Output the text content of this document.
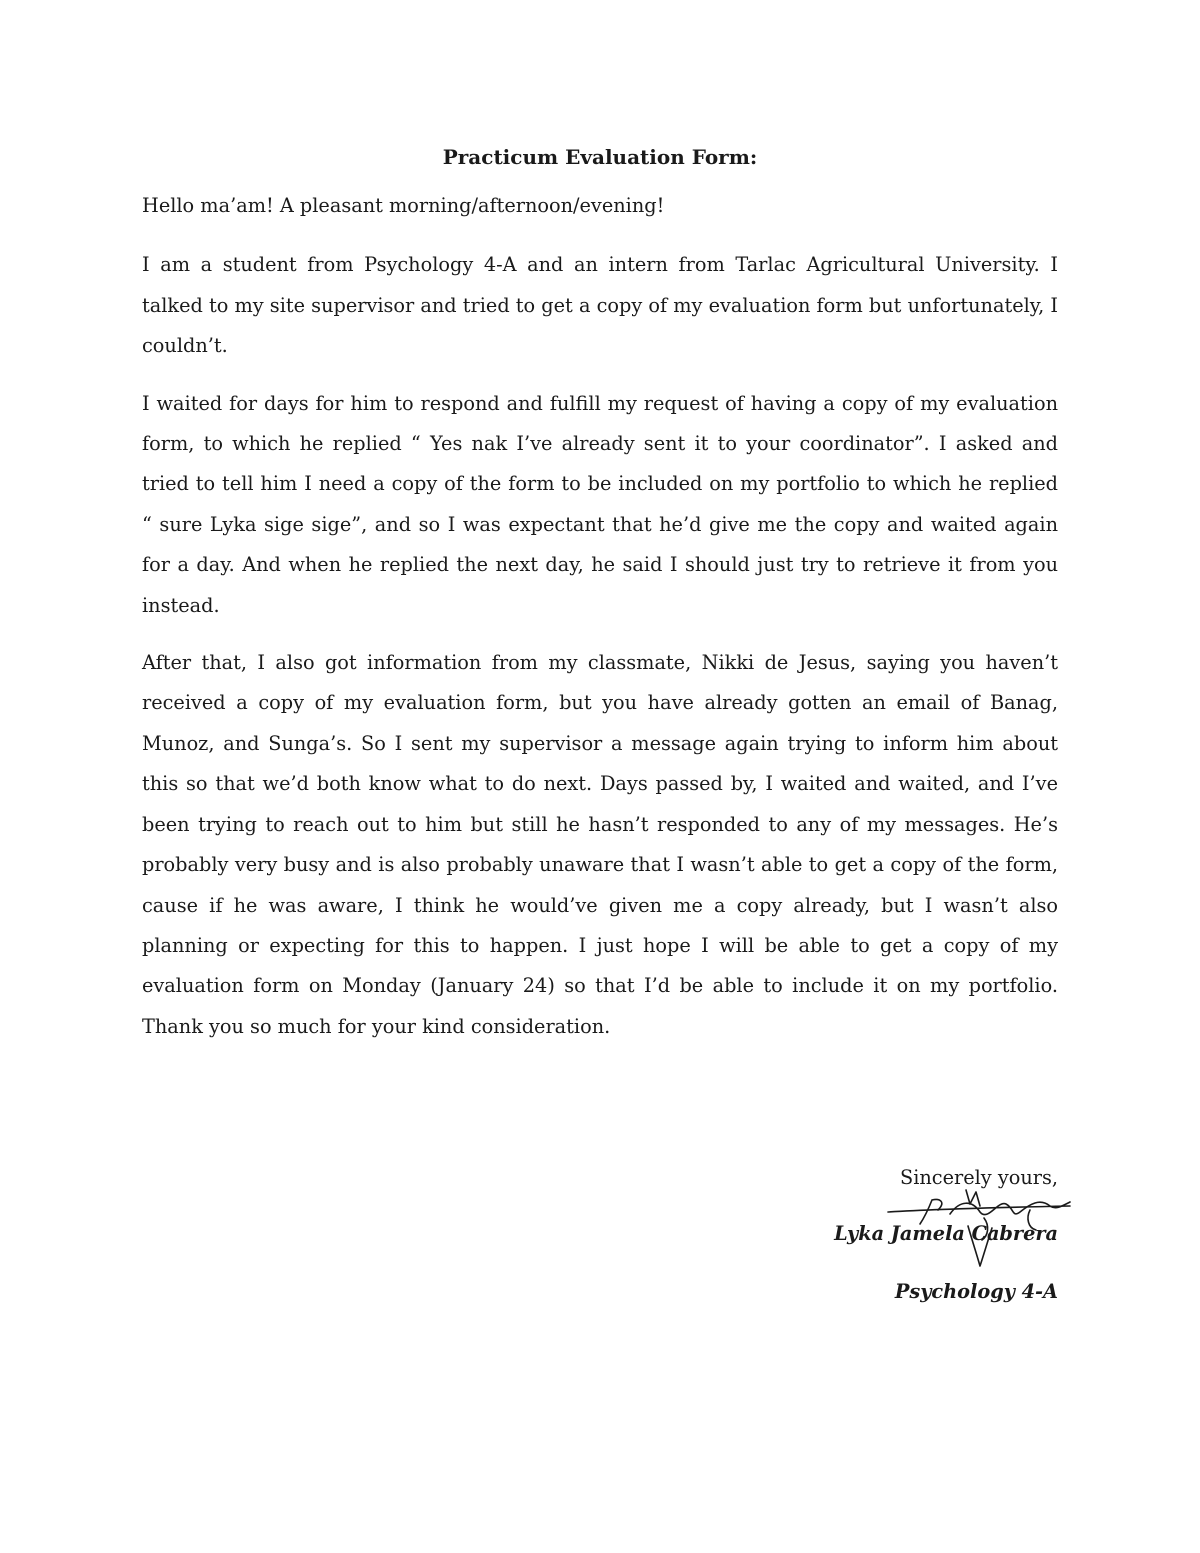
Practicum Evaluation Form:

Hello ma’am! A pleasant morning/afternoon/evening!

I am a student from Psychology 4-A and an intern from Tarlac Agricultural University. I talked to my site supervisor and tried to get a copy of my evaluation form but unfortunately, I couldn’t.

I waited for days for him to respond and fulfill my request of having a copy of my evaluation form, to which he replied “ Yes nak I’ve already sent it to your coordinator”. I asked and tried to tell him I need a copy of the form to be included on my portfolio to which he replied “ sure Lyka sige sige”, and so I was expectant that he’d give me the copy and waited again for a day. And when he replied the next day, he said I should just try to retrieve it from you instead.

After that, I also got information from my classmate, Nikki de Jesus, saying you haven’t received a copy of my evaluation form, but you have already gotten an email of Banag, Munoz, and Sunga’s. So I sent my supervisor a message again trying to inform him about this so that we’d both know what to do next. Days passed by, I waited and waited, and I’ve been trying to reach out to him but still he hasn’t responded to any of my messages. He’s probably very busy and is also probably unaware that I wasn’t able to get a copy of the form, cause if he was aware, I think he would’ve given me a copy already, but I wasn’t also planning or expecting for this to happen. I just hope I will be able to get a copy of my evaluation form on Monday (January 24) so that I’d be able to include it on my portfolio. Thank you so much for your kind consideration.

Sincerely yours,
Lyka Jamela Cabrera
Psychology 4-A
